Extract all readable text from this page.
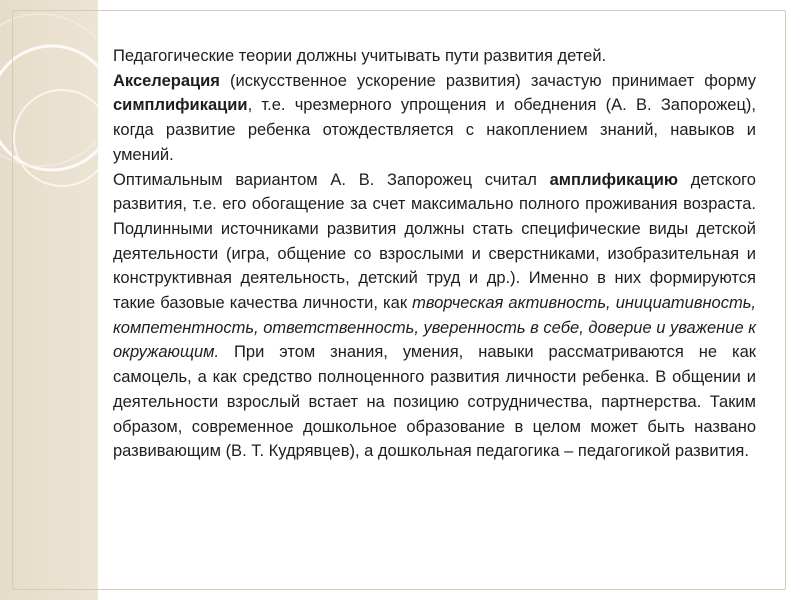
Педагогические теории должны учитывать пути развития детей.

Акселерация (искусственное ускорение развития) зачастую принимает форму симплификации, т.е. чрезмерного упрощения и обеднения (А. В. Запорожец), когда развитие ребенка отождествляется с накоплением знаний, навыков и умений.

Оптимальным вариантом А. В. Запорожец считал амплификацию детского развития, т.е. его обогащение за счет максимально полного проживания возраста. Подлинными источниками развития должны стать специфические виды детской деятельности (игра, общение со взрослыми и сверстниками, изобразительная и конструктивная деятельность, детский труд и др.). Именно в них формируются такие базовые качества личности, как творческая активность, инициативность, компетентность, ответственность, уверенность в себе, доверие и уважение к окружающим. При этом знания, умения, навыки рассматриваются не как самоцель, а как средство полноценного развития личности ребенка. В общении и деятельности взрослый встает на позицию сотрудничества, партнерства. Таким образом, современное дошкольное образование в целом может быть названо развивающим (В. Т. Кудрявцев), а дошкольная педагогика – педагогикой развития.
